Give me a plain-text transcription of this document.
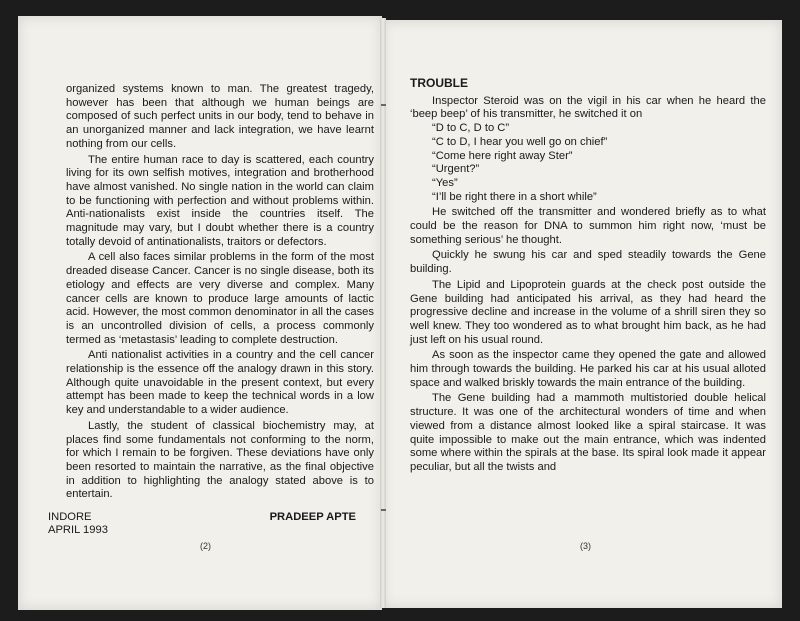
organized systems known to man. The greatest tragedy, however has been that although we human beings are composed of such perfect units in our body, tend to behave in an unorganized manner and lack integration, we have learnt nothing from our cells.

The entire human race to day is scattered, each country living for its own selfish motives, integration and brotherhood have almost vanished. No single nation in the world can claim to be functioning with perfection and without problems within. Anti-nationalists exist inside the countries itself. The magnitude may vary, but I doubt whether there is a country totally devoid of antinationalists, traitors or defectors.

A cell also faces similar problems in the form of the most dreaded disease Cancer. Cancer is no single disease, both its etiology and effects are very diverse and complex. Many cancer cells are known to produce large amounts of lactic acid. However, the most common denominator in all the cases is an uncontrolled division of cells, a process commonly termed as ‘metastasis’ leading to complete destruction.

Anti nationalist activities in a country and the cell cancer relationship is the essence off the analogy drawn in this story. Although quite unavoidable in the present context, but every attempt has been made to keep the technical words in a low key and understandable to a wider audience.

Lastly, the student of classical biochemistry may, at places find some fundamentals not conforming to the norm, for which I remain to be forgiven. These deviations have only been resorted to maintain the narrative, as the final objective in addition to highlighting the analogy stated above is to entertain.

TROUBLE

Inspector Steroid was on the vigil in his car when he heard the ‘beep beep’ of his transmitter, he switched it on

“D to C, D to C”

“C to D, I hear you well go on chief”

“Come here right away Ster”

“Urgent?”

“Yes”

“I’ll be right there in a short while”

He switched off the transmitter and wondered briefly as to what could be the reason for DNA to summon him right now, ‘must be something serious’ he thought.

Quickly he swung his car and sped steadily towards the Gene building.

The Lipid and Lipoprotein guards at the check post outside the Gene building had anticipated his arrival, as they had heard the progressive decline and increase in the volume of a shrill siren they so well knew. They too wondered as to what brought him back, as he had just left on his usual round.

As soon as the inspector came they opened the gate and allowed him through towards the building. He parked his car at his usual alloted space and walked briskly towards the main entrance of the building.

The Gene building had a mammoth multistoried double helical structure. It was one of the architectural wonders of time and when viewed from a distance almost looked like a spiral staircase. It was quite impossible to make out the main entrance, which was indented some where within the spirals at the base. Its spiral look made it appear peculiar, but all the twists and

INDORE
APRIL 1993
PRADEEP APTE
(2)	(3)
